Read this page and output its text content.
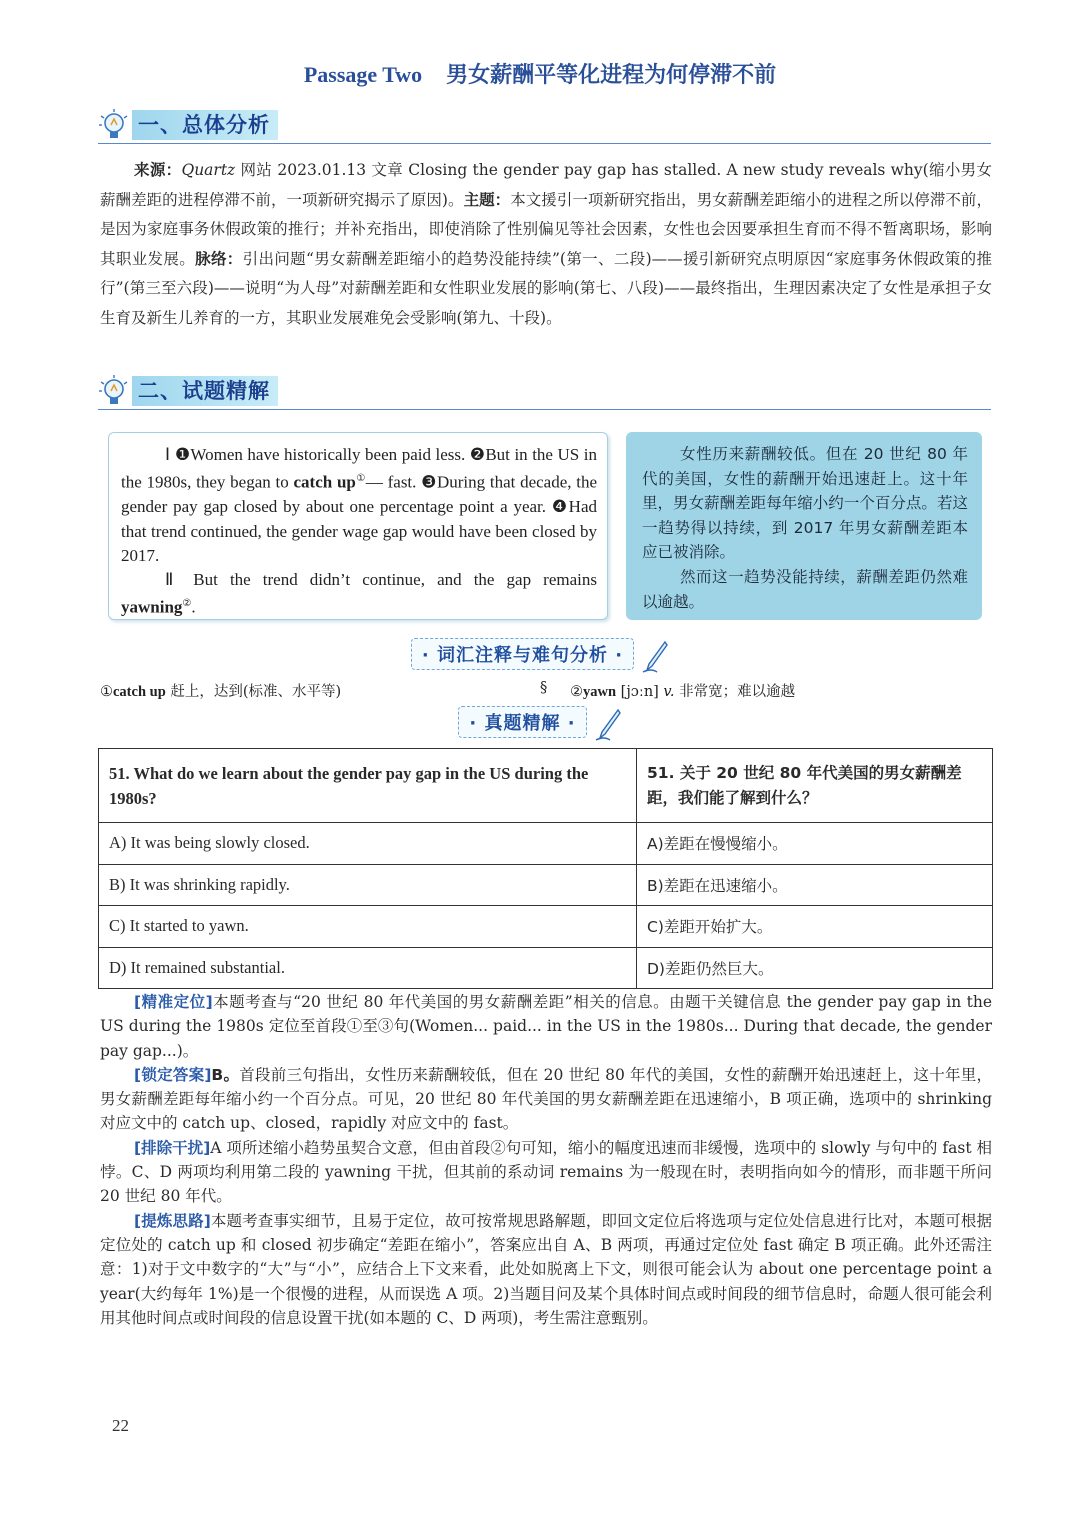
Passage Two 男女薪酬平等化进程为何停滞不前
一、总体分析
来源：Quartz 网站 2023.01.13 文章 Closing the gender pay gap has stalled. A new study reveals why(缩小男女薪酬差距的进程停滞不前，一项新研究揭示了原因)。主题：本文援引一项新研究指出，男女薪酬差距缩小的进程之所以停滞不前，是因为家庭事务休假政策的推行；并补充指出，即使消除了性别偏见等社会因素，女性也会因要承担生育而不得不暂离职场，影响其职业发展。脉络：引出问题“男女薪酬差距缩小的趋势没能持续”(第一、二段)——援引新研究点明原因“家庭事务休假政策的推行”(第三至六段)——说明“为人母”对薪酬差距和女性职业发展的影响(第七、八段)——最终指出，生理因素决定了女性是承担子女生育及新生儿养育的一方，其职业发展难免会受影响(第九、十段)。
二、试题精解

Ⅰ ❶Women have historically been paid less. ❷But in the US in the 1980s, they began to catch up①— fast. ❸During that decade, the gender pay gap closed by about one percentage point a year. ❹Had that trend continued, the gender wage gap would have been closed by 2017.

Ⅱ But the trend didn’t continue, and the gap remains yawning②.

女性历来薪酬较低。但在 20 世纪 80 年代的美国，女性的薪酬开始迅速赶上。这十年里，男女薪酬差距每年缩小约一个百分点。若这一趋势得以持续，到 2017 年男女薪酬差距本应已被消除。

然而这一趋势没能持续，薪酬差距仍然难以逾越。

· 词汇注释与难句分析 ·
①catch up 赶上，达到(标准、水平等)	§ ②yawn [jɔːn] v. 非常宽；难以逾越
· 真题精解 ·
51. What do we learn about the gender pay gap in the US during the 1980s?	51. 关于 20 世纪 80 年代美国的男女薪酬差距，我们能了解到什么？
A) It was being slowly closed.	A)差距在慢慢缩小。
B) It was shrinking rapidly.	B)差距在迅速缩小。
C) It started to yawn.	C)差距开始扩大。
D) It remained substantial.	D)差距仍然巨大。

[精准定位]本题考查与“20 世纪 80 年代美国的男女薪酬差距”相关的信息。由题干关键信息 the gender pay gap in the US during the 1980s 定位至首段①至③句(Women... paid... in the US in the 1980s... During that decade, the gender pay gap...)。

[锁定答案]B。首段前三句指出，女性历来薪酬较低，但在 20 世纪 80 年代的美国，女性的薪酬开始迅速赶上，这十年里，男女薪酬差距每年缩小约一个百分点。可见，20 世纪 80 年代美国的男女薪酬差距在迅速缩小，B 项正确，选项中的 shrinking 对应文中的 catch up、closed，rapidly 对应文中的 fast。

[排除干扰]A 项所述缩小趋势虽契合文意，但由首段②句可知，缩小的幅度迅速而非缓慢，选项中的 slowly 与句中的 fast 相悖。C、D 两项均利用第二段的 yawning 干扰，但其前的系动词 remains 为一般现在时，表明指向如今的情形，而非题干所问 20 世纪 80 年代。

[提炼思路]本题考查事实细节，且易于定位，故可按常规思路解题，即回文定位后将选项与定位处信息进行比对，本题可根据定位处的 catch up 和 closed 初步确定“差距在缩小”，答案应出自 A、B 两项，再通过定位处 fast 确定 B 项正确。此外还需注意：1)对于文中数字的“大”与“小”，应结合上下文来看，此处如脱离上下文，则很可能会认为 about one percentage point a year(大约每年 1%)是一个很慢的进程，从而误选 A 项。2)当题目问及某个具体时间点或时间段的细节信息时，命题人很可能会利用其他时间点或时间段的信息设置干扰(如本题的 C、D 两项)，考生需注意甄别。

22
